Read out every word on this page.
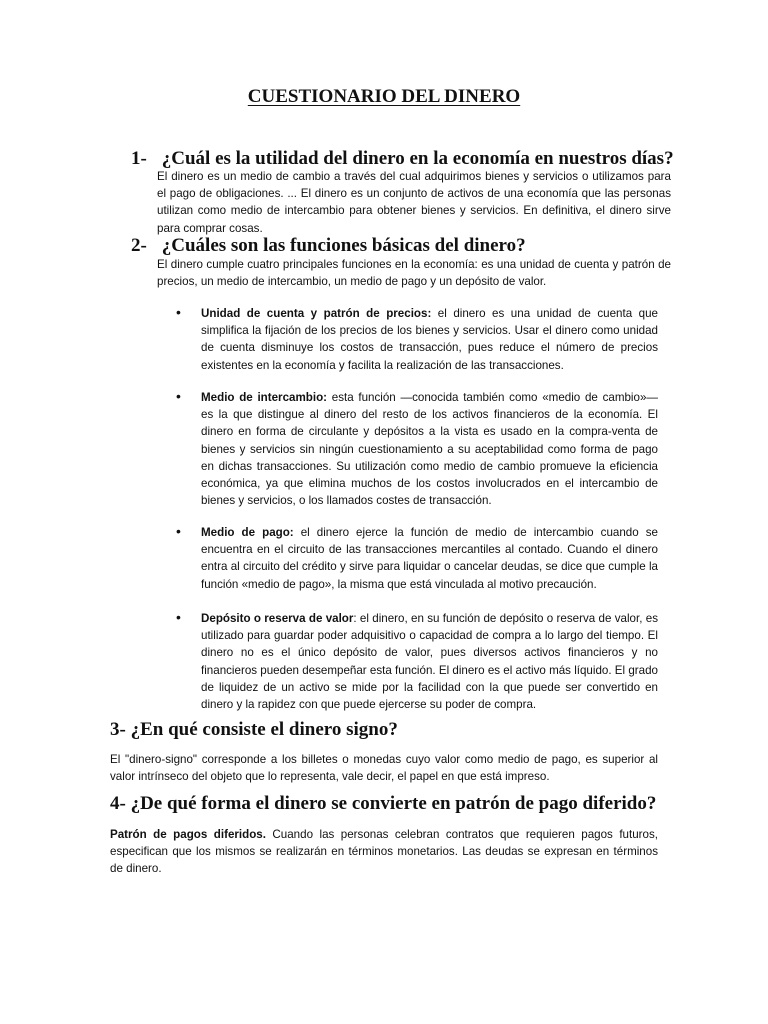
CUESTIONARIO DEL DINERO
1- ¿Cuál es la utilidad del dinero en la economía en nuestros días?
El dinero es un medio de cambio a través del cual adquirimos bienes y servicios o utilizamos para el pago de obligaciones. ... El dinero es un conjunto de activos de una economía que las personas utilizan como medio de intercambio para obtener bienes y servicios. En definitiva, el dinero sirve para comprar cosas.
2- ¿Cuáles son las funciones básicas del dinero?
El dinero cumple cuatro principales funciones en la economía: es una unidad de cuenta y patrón de precios, un medio de intercambio, un medio de pago y un depósito de valor.
• Unidad de cuenta y patrón de precios: el dinero es una unidad de cuenta que simplifica la fijación de los precios de los bienes y servicios. Usar el dinero como unidad de cuenta disminuye los costos de transacción, pues reduce el número de precios existentes en la economía y facilita la realización de las transacciones.
• Medio de intercambio: esta función —conocida también como «medio de cambio»— es la que distingue al dinero del resto de los activos financieros de la economía. El dinero en forma de circulante y depósitos a la vista es usado en la compra-venta de bienes y servicios sin ningún cuestionamiento a su aceptabilidad como forma de pago en dichas transacciones. Su utilización como medio de cambio promueve la eficiencia económica, ya que elimina muchos de los costos involucrados en el intercambio de bienes y servicios, o los llamados costes de transacción.
• Medio de pago: el dinero ejerce la función de medio de intercambio cuando se encuentra en el circuito de las transacciones mercantiles al contado. Cuando el dinero entra al circuito del crédito y sirve para liquidar o cancelar deudas, se dice que cumple la función «medio de pago», la misma que está vinculada al motivo precaución.
• Depósito o reserva de valor: el dinero, en su función de depósito o reserva de valor, es utilizado para guardar poder adquisitivo o capacidad de compra a lo largo del tiempo. El dinero no es el único depósito de valor, pues diversos activos financieros y no financieros pueden desempeñar esta función. El dinero es el activo más líquido. El grado de liquidez de un activo se mide por la facilidad con la que puede ser convertido en dinero y la rapidez con que puede ejercerse su poder de compra.
3- ¿En qué consiste el dinero signo?
El "dinero-signo" corresponde a los billetes o monedas cuyo valor como medio de pago, es superior al valor intrínseco del objeto que lo representa, vale decir, el papel en que está impreso.
4- ¿De qué forma el dinero se convierte en patrón de pago diferido?
Patrón de pagos diferidos. Cuando las personas celebran contratos que requieren pagos futuros, especifican que los mismos se realizarán en términos monetarios. Las deudas se expresan en términos de dinero.
